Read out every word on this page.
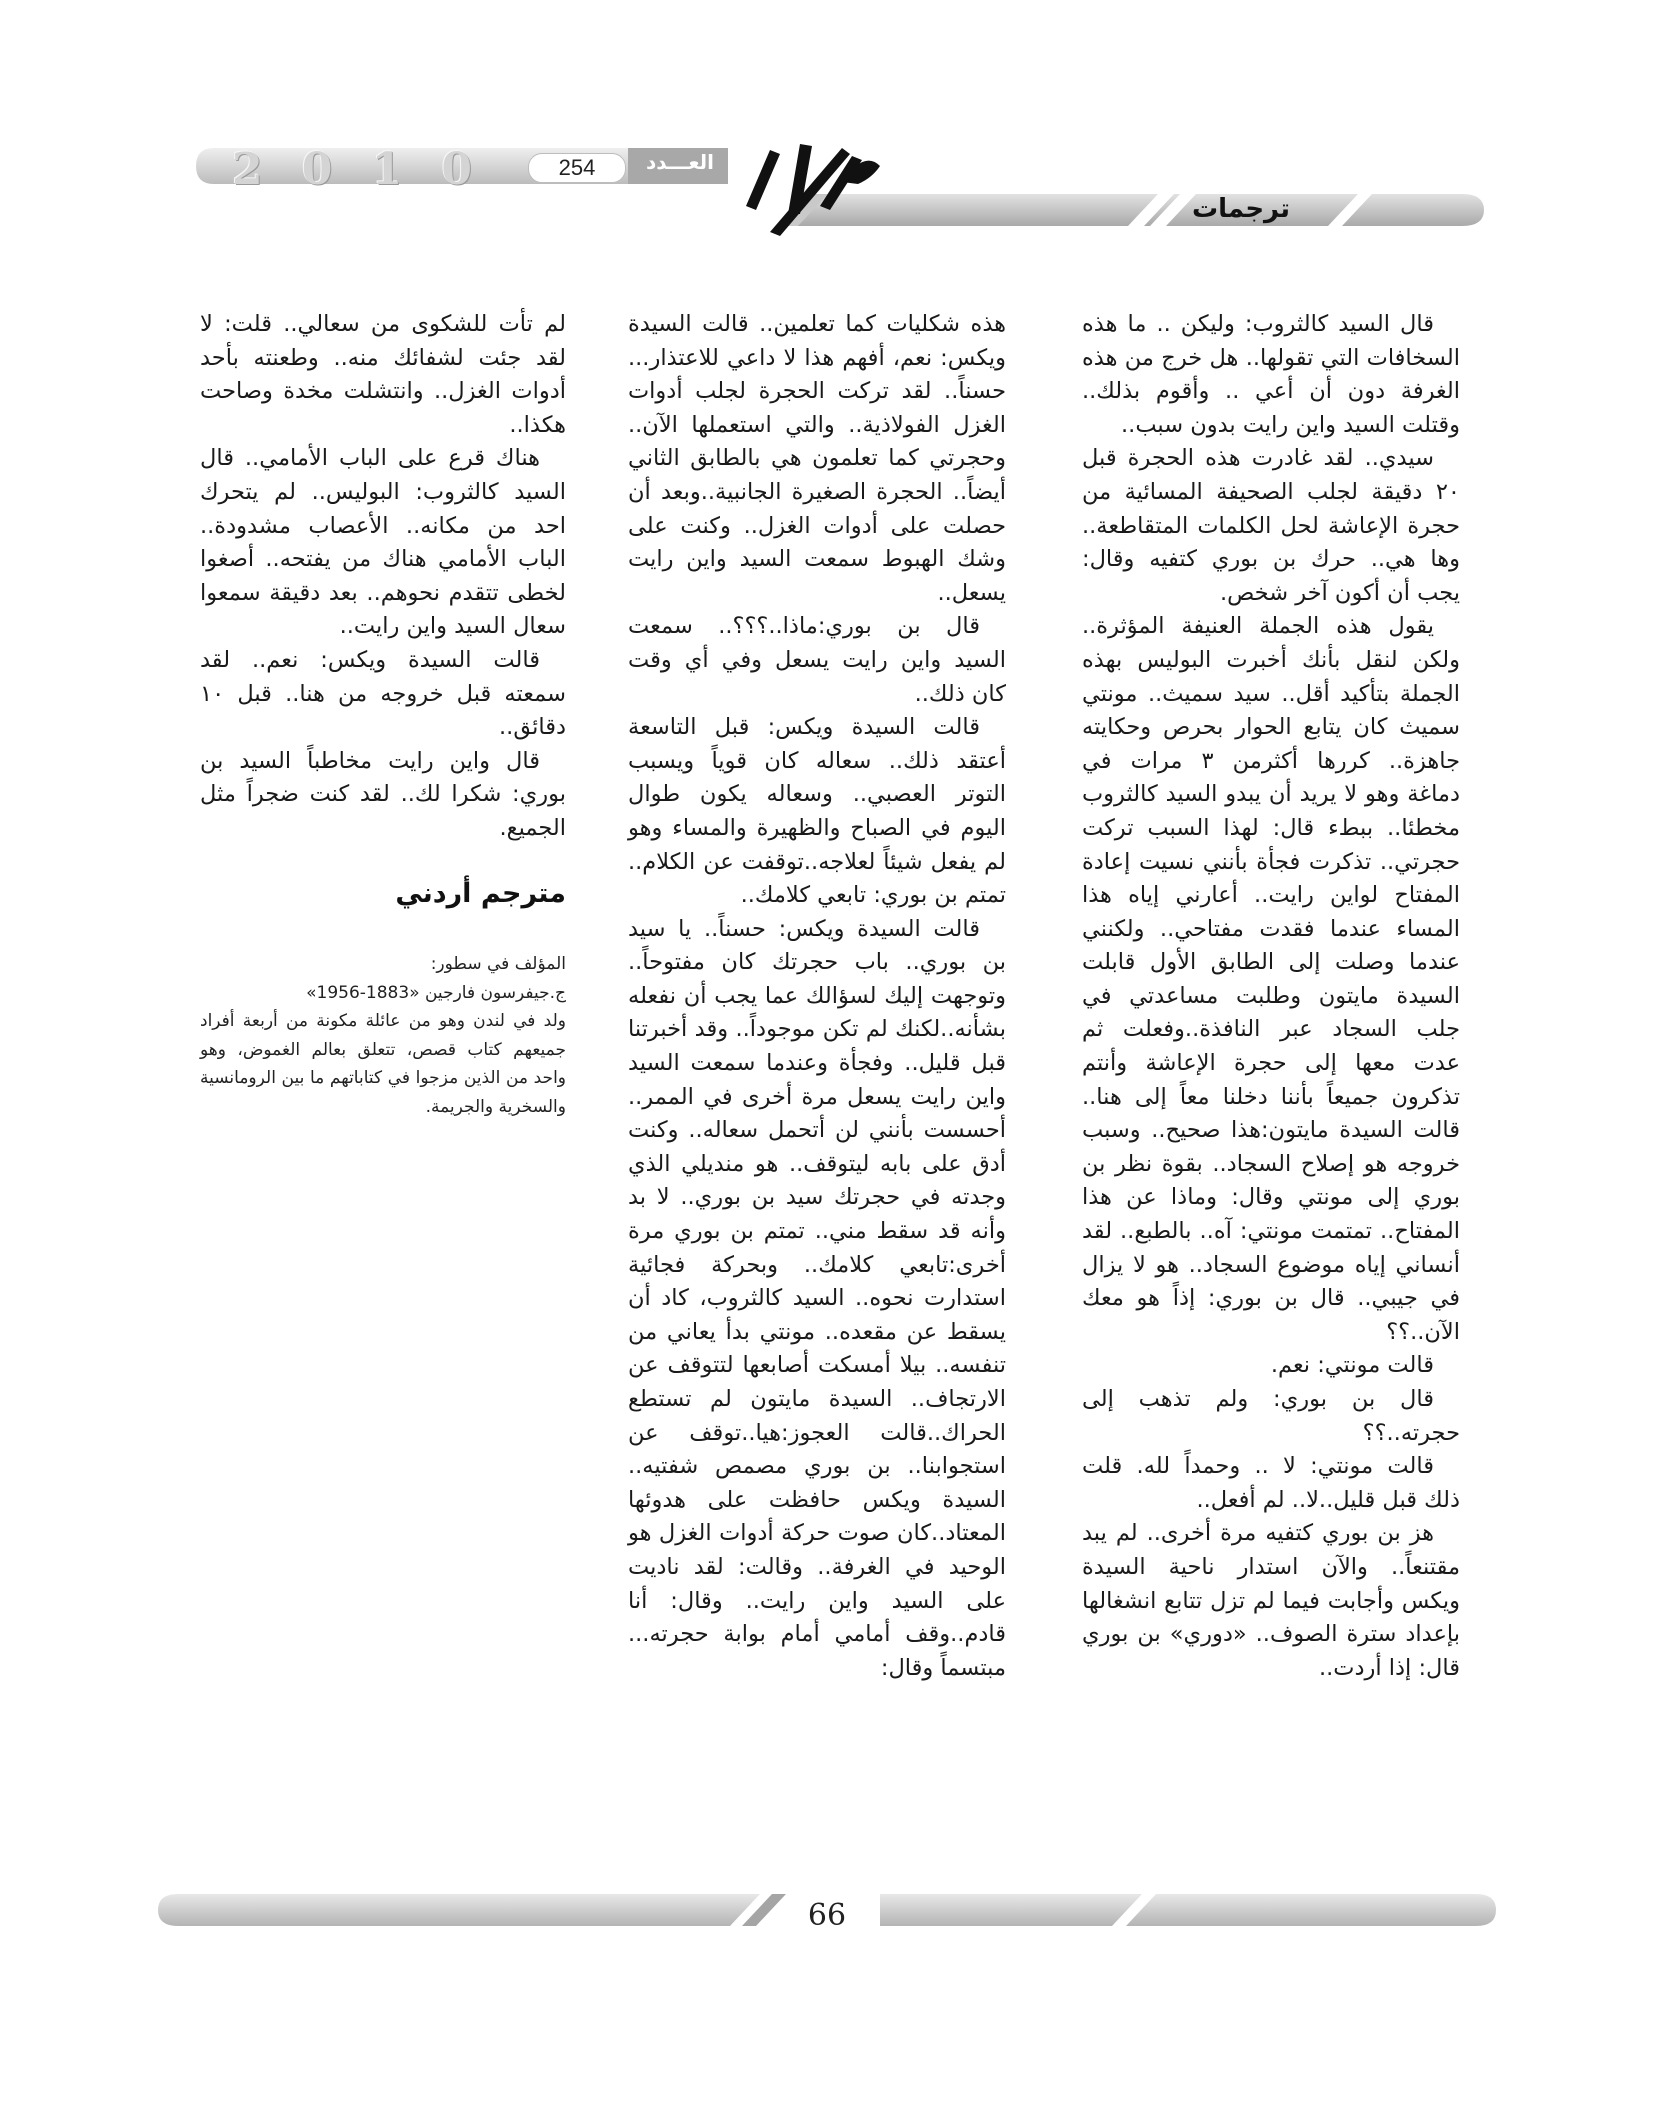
2 0 1 0	254	العـــدد
ترجمات

قال السيد كالثروب: وليكن .. ما هذه السخافات التي تقولها.. هل خرج من هذه الغرفة دون أن أعي .. وأقوم بذلك.. وقتلت السيد واين رايت بدون سبب..

سيدي.. لقد غادرت هذه الحجرة قبل ٢٠ دقيقة لجلب الصحيفة المسائية من حجرة الإعاشة لحل الكلمات المتقاطعة.. وها هي.. حرك بن بوري كتفيه وقال: يجب أن أكون آخر شخص.

يقول هذه الجملة العنيفة المؤثرة.. ولكن لنقل بأنك أخبرت البوليس بهذه الجملة بتأكيد أقل.. سيد سميث.. مونتي سميث كان يتابع الحوار بحرص وحكايته جاهزة.. كررها أكثرمن ٣ مرات في دماغة وهو لا يريد أن يبدو السيد كالثروب مخطئا.. ببطء قال: لهذا السبب تركت حجرتي.. تذكرت فجأة بأنني نسيت إعادة المفتاح لواين رايت.. أعارني إياه هذا المساء عندما فقدت مفتاحي.. ولكنني عندما وصلت إلى الطابق الأول قابلت السيدة مايتون وطلبت مساعدتي في جلب السجاد عبر النافذة..وفعلت ثم عدت معها إلى حجرة الإعاشة وأنتم تذكرون جميعاً بأننا دخلنا معاً إلى هنا.. قالت السيدة مايتون:هذا صحيح.. وسبب خروجه هو إصلاح السجاد.. بقوة نظر بن بوري إلى مونتي وقال: وماذا عن هذا المفتاح.. تمتمت مونتي: آه.. بالطبع.. لقد أنساني إياه موضوع السجاد.. هو لا يزال في جيبي.. قال بن بوري: إذاً هو معك الآن..؟؟

قالت مونتي: نعم.

قال بن بوري: ولم تذهب إلى حجرته..؟؟

قالت مونتي: لا .. وحمداً لله. قلت ذلك قبل قليل..لا.. لم أفعل..

هز بن بوري كتفيه مرة أخرى.. لم يبد مقتنعاً.. والآن استدار ناحية السيدة ويكس وأجابت فيما لم تزل تتابع انشغالها بإعداد سترة الصوف.. «دوري» بن بوري قال: إذا أردت..

هذه شكليات كما تعلمين.. قالت السيدة ويكس: نعم، أفهم هذا لا داعي للاعتذار... حسناً.. لقد تركت الحجرة لجلب أدوات الغزل الفولاذية.. والتي استعملها الآن.. وحجرتي كما تعلمون هي بالطابق الثاني أيضاً.. الحجرة الصغيرة الجانبية..وبعد أن حصلت على أدوات الغزل.. وكنت على وشك الهبوط سمعت السيد واين رايت يسعل..

قال بن بوري:ماذا..؟؟؟.. سمعت السيد واين رايت يسعل وفي أي وقت كان ذلك..

قالت السيدة ويكس: قبل التاسعة أعتقد ذلك.. سعاله كان قوياً ويسبب التوتر العصبي.. وسعاله يكون طوال اليوم في الصباح والظهيرة والمساء وهو لم يفعل شيئاً لعلاجه..توقفت عن الكلام.. تمتم بن بوري: تابعي كلامك..

قالت السيدة ويكس: حسناً.. يا سيد بن بوري.. باب حجرتك كان مفتوحاً.. وتوجهت إليك لسؤالك عما يجب أن نفعله بشأنه..لكنك لم تكن موجوداً.. وقد أخبرتنا قبل قليل.. وفجأة وعندما سمعت السيد واين رايت يسعل مرة أخرى في الممر.. أحسست بأنني لن أتحمل سعاله.. وكنت أدق على بابه ليتوقف.. هو منديلي الذي وجدته في حجرتك سيد بن بوري.. لا بد وأنه قد سقط مني.. تمتم بن بوري مرة أخرى:تابعي كلامك.. وبحركة فجائية استدارت نحوه.. السيد كالثروب، كاد أن يسقط عن مقعده.. مونتي بدأ يعاني من تنفسه.. بيلا أمسكت أصابعها لتتوقف عن الارتجاف.. السيدة مايتون لم تستطع الحراك..قالت العجوز:هيا..توقف عن استجوابنا.. بن بوري مصمص شفتيه.. السيدة ويكس حافظت على هدوئها المعتاد..كان صوت حركة أدوات الغزل هو الوحيد في الغرفة.. وقالت: لقد ناديت على السيد واين رايت.. وقال: أنا قادم..وقف أمامي أمام بوابة حجرته... مبتسماً وقال:

لم تأت للشكوى من سعالي.. قلت: لا لقد جئت لشفائك منه.. وطعنته بأحد أدوات الغزل.. وانتشلت مخدة وصاحت هكذا..

هناك قرع على الباب الأمامي.. قال السيد كالثروب: البوليس.. لم يتحرك احد من مكانه.. الأعصاب مشدودة.. الباب الأمامي هناك من يفتحه.. أصغوا لخطى تتقدم نحوهم.. بعد دقيقة سمعوا سعال السيد واين رايت..

قالت السيدة ويكس: نعم.. لقد سمعته قبل خروجه من هنا.. قبل ١٠ دقائق..

قال واين رايت مخاطباً السيد بن بوري: شكرا لك.. لقد كنت ضجراً مثل الجميع.

مترجم أردني

المؤلف في سطور:

ج.جيفرسون فارجين «1883-1956»

ولد في لندن وهو من عائلة مكونة من أربعة أفراد جميعهم كتاب قصص، تتعلق بعالم الغموض، وهو واحد من الذين مزجوا في كتاباتهم ما بين الرومانسية والسخرية والجريمة.

66
